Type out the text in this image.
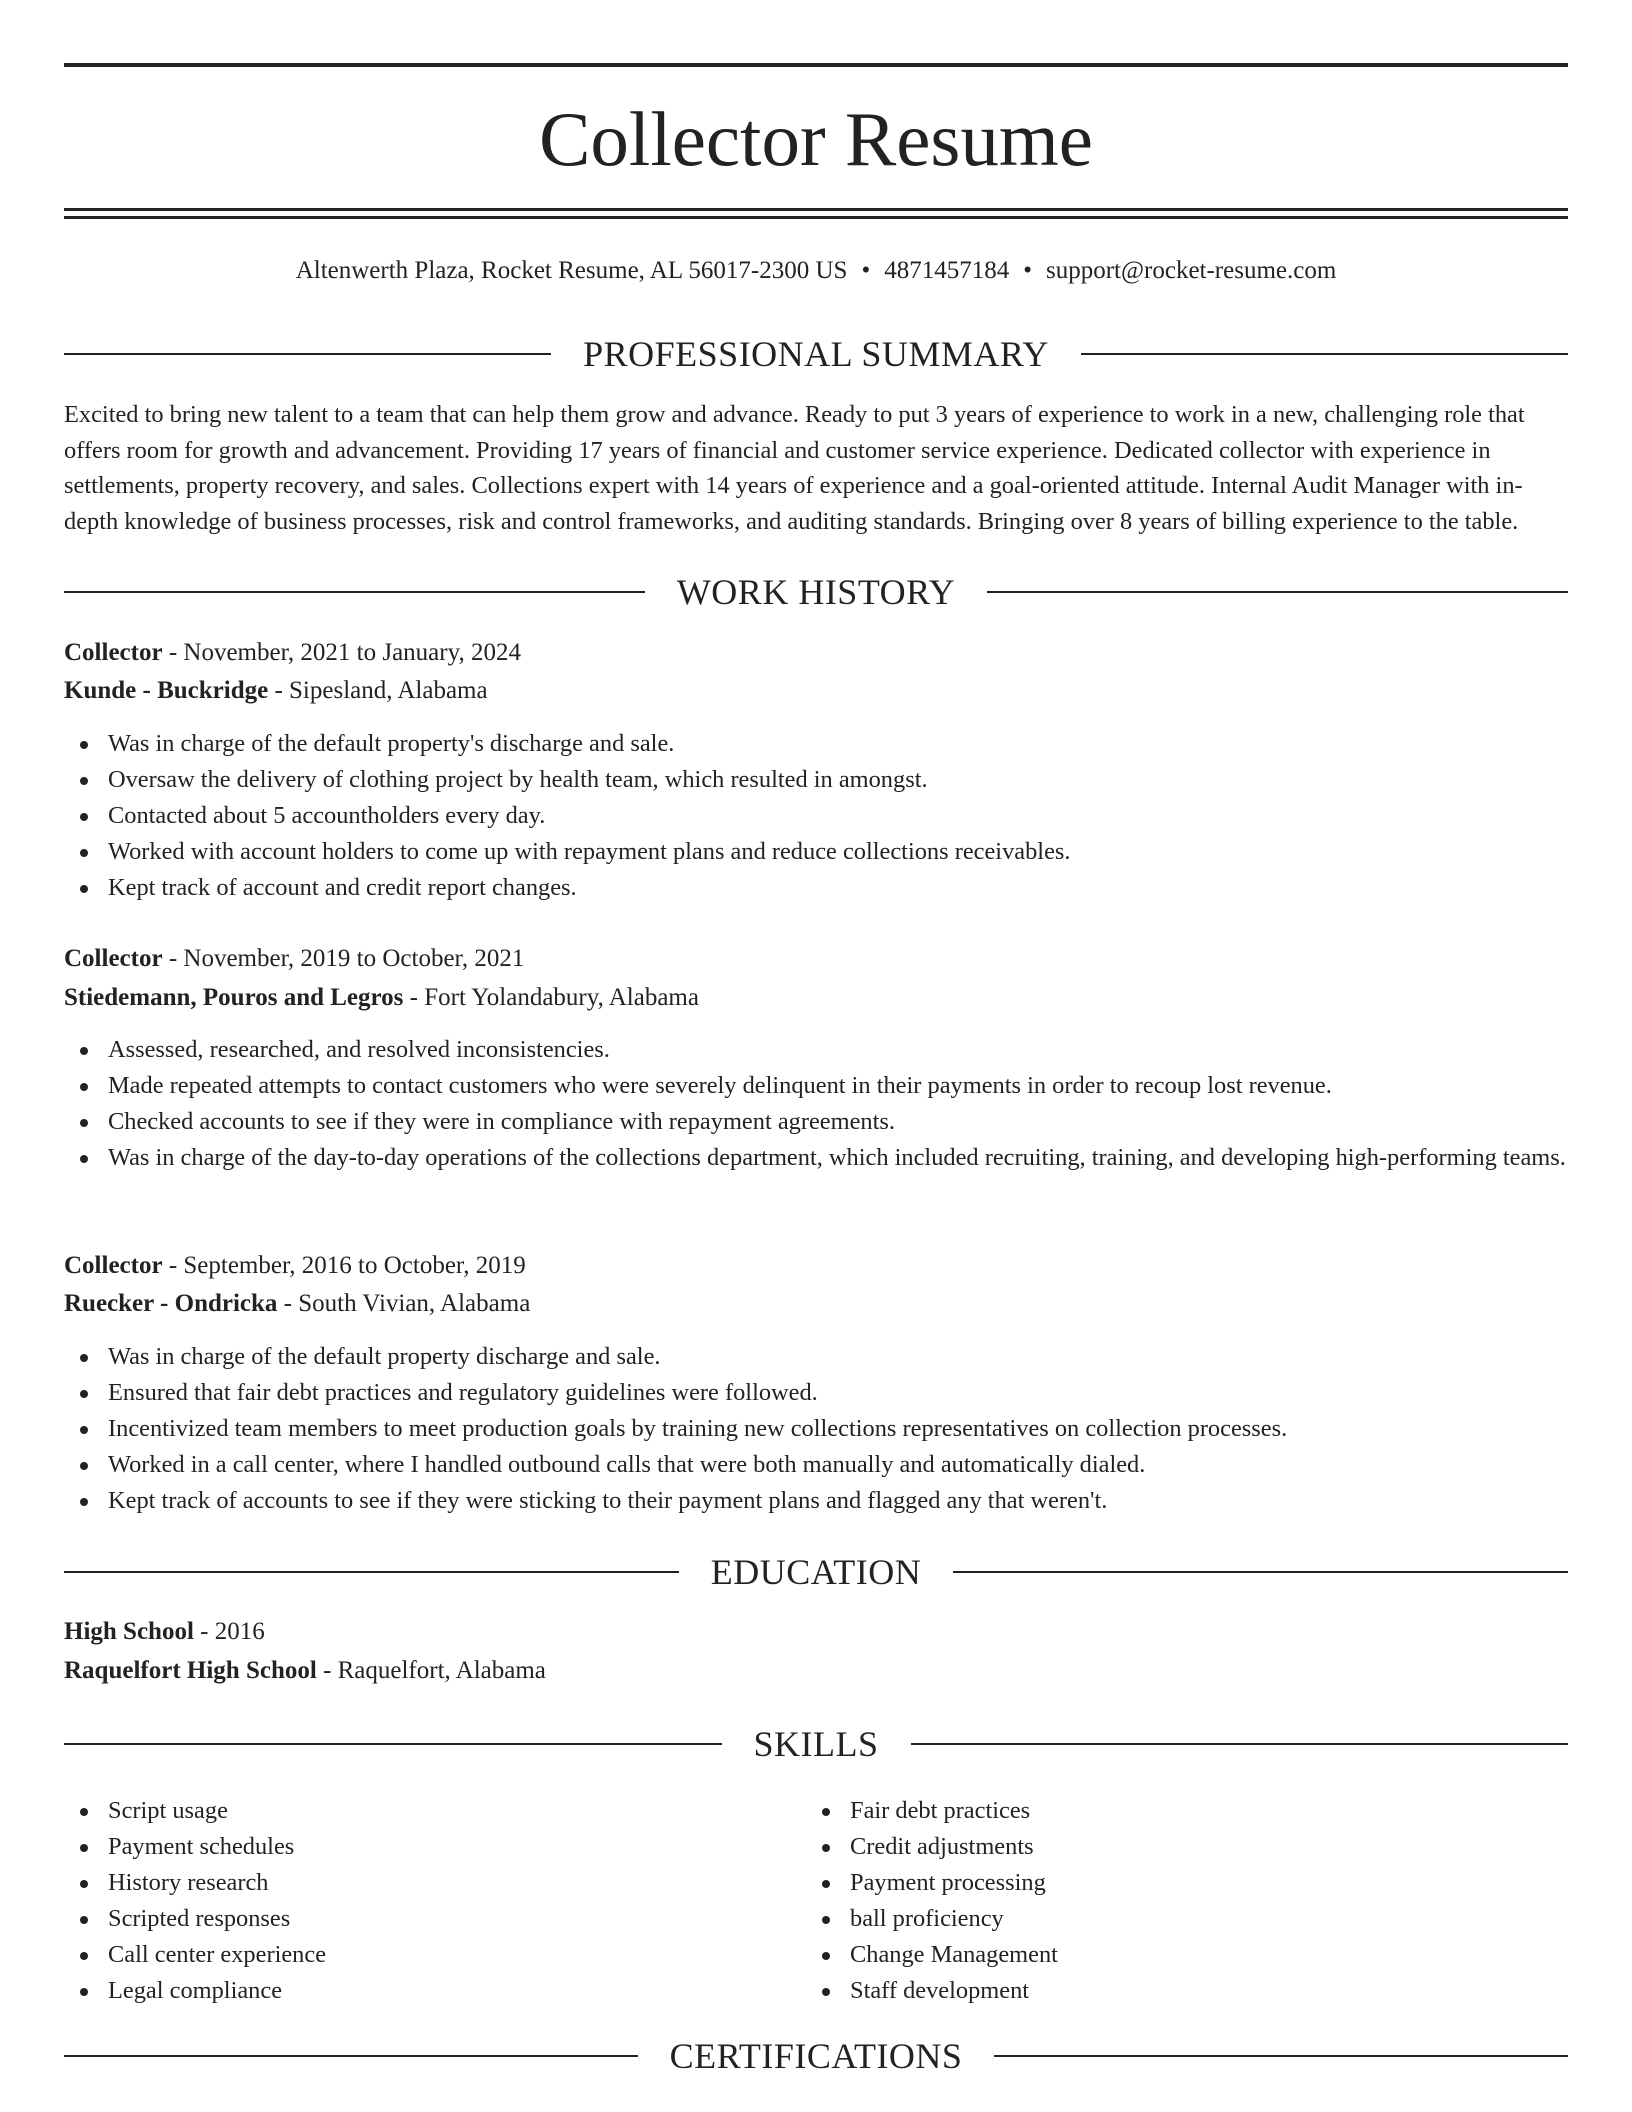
Collector Resume
Altenwerth Plaza, Rocket Resume, AL 56017-2300 US • 4871457184 • support@rocket-resume.com
PROFESSIONAL SUMMARY

Excited to bring new talent to a team that can help them grow and advance. Ready to put 3 years of experience to work in a new, challenging role that offers room for growth and advancement. Providing 17 years of financial and customer service experience. Dedicated collector with experience in settlements, property recovery, and sales. Collections expert with 14 years of experience and a goal-oriented attitude. Internal Audit Manager with in-depth knowledge of business processes, risk and control frameworks, and auditing standards. Bringing over 8 years of billing experience to the table.

WORK HISTORY
Collector - November, 2021 to January, 2024
Kunde - Buckridge - Sipesland, Alabama
Was in charge of the default property's discharge and sale.
Oversaw the delivery of clothing project by health team, which resulted in amongst.
Contacted about 5 accountholders every day.
Worked with account holders to come up with repayment plans and reduce collections receivables.
Kept track of account and credit report changes.
Collector - November, 2019 to October, 2021
Stiedemann, Pouros and Legros - Fort Yolandabury, Alabama
Assessed, researched, and resolved inconsistencies.
Made repeated attempts to contact customers who were severely delinquent in their payments in order to recoup lost revenue.
Checked accounts to see if they were in compliance with repayment agreements.
Was in charge of the day-to-day operations of the collections department, which included recruiting, training, and developing high-performing teams.
Collector - September, 2016 to October, 2019
Ruecker - Ondricka - South Vivian, Alabama
Was in charge of the default property discharge and sale.
Ensured that fair debt practices and regulatory guidelines were followed.
Incentivized team members to meet production goals by training new collections representatives on collection processes.
Worked in a call center, where I handled outbound calls that were both manually and automatically dialed.
Kept track of accounts to see if they were sticking to their payment plans and flagged any that weren't.
EDUCATION
High School - 2016
Raquelfort High School - Raquelfort, Alabama
SKILLS
Script usage
Payment schedules
History research
Scripted responses
Call center experience
Legal compliance
Fair debt practices
Credit adjustments
Payment processing
ball proficiency
Change Management
Staff development
CERTIFICATIONS
